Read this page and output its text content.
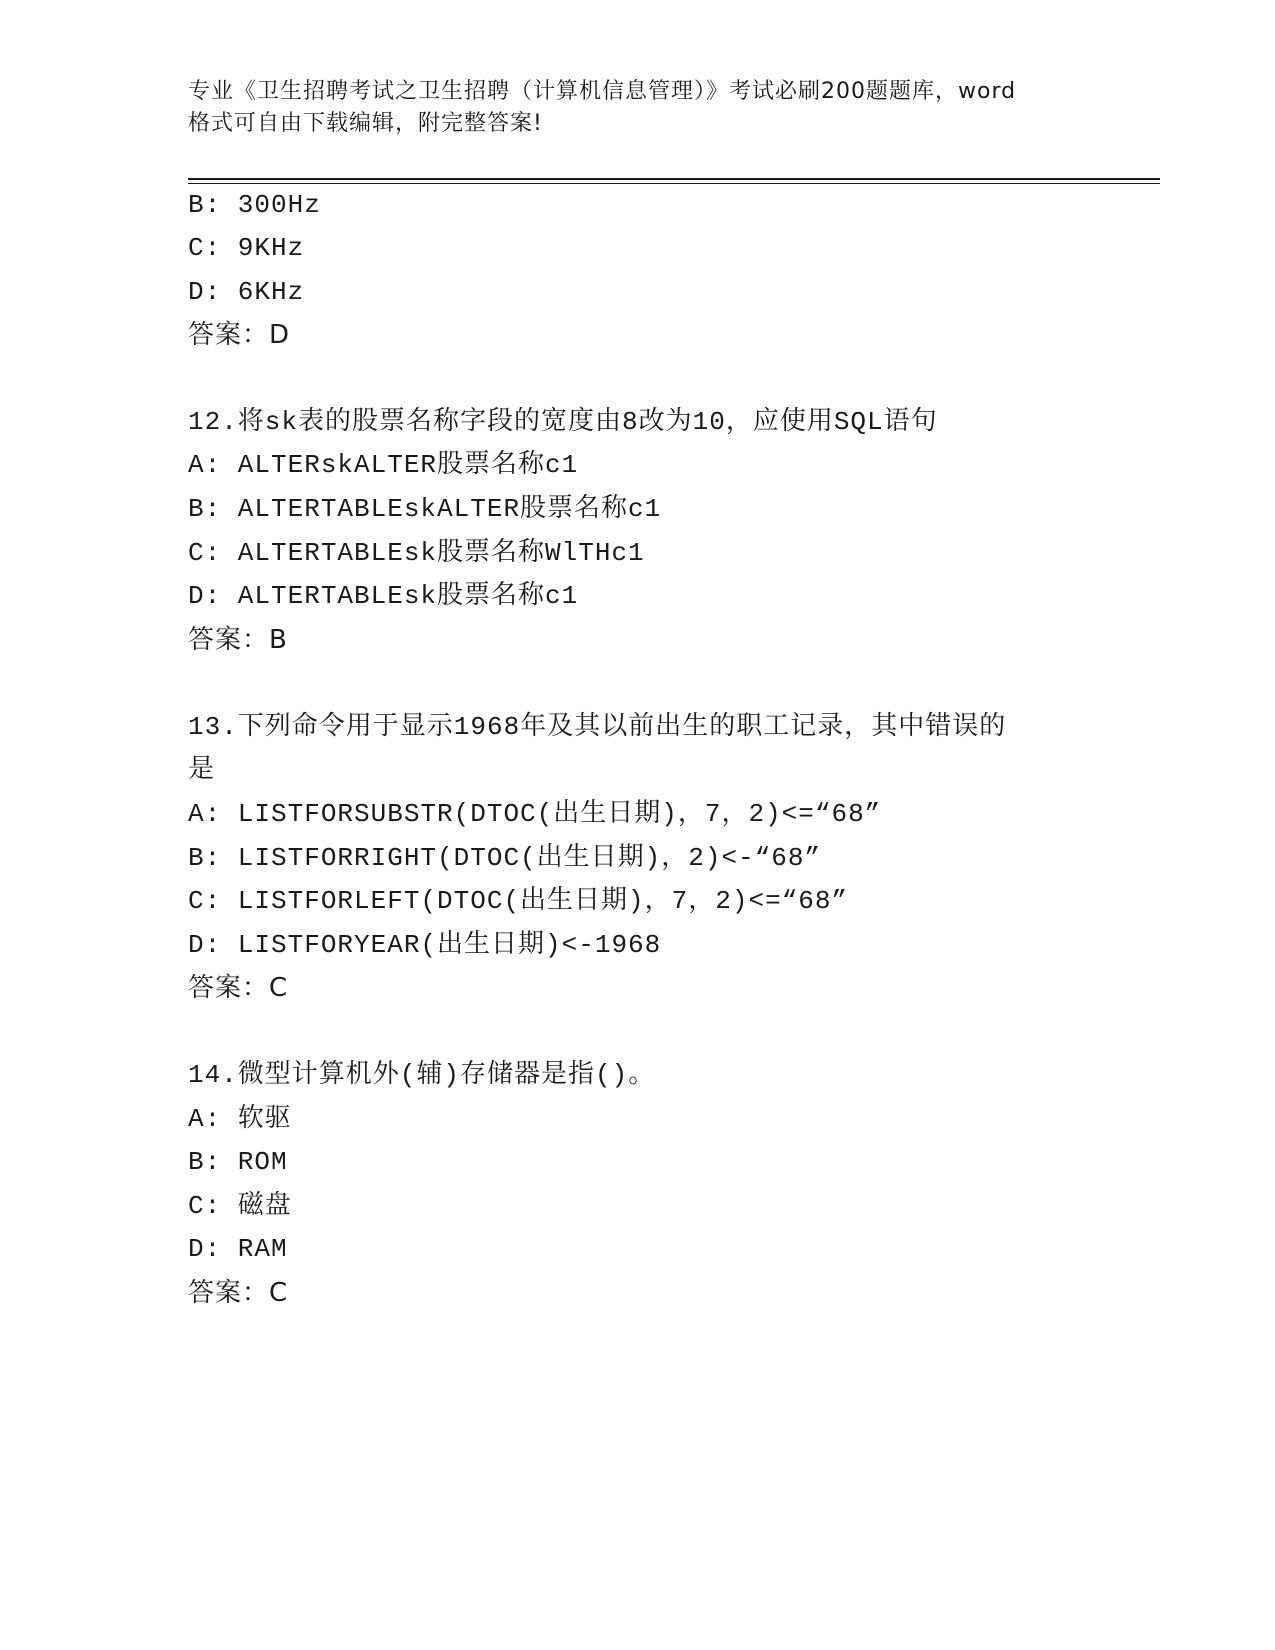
专业《卫生招聘考试之卫生招聘（计算机信息管理）》考试必刷200题题库，word
格式可自由下载编辑，附完整答案!
B: 300Hz
C: 9KHz
D: 6KHz
答案：D
12.将sk表的股票名称字段的宽度由8改为10，应使用SQL语句
A: ALTERskALTER股票名称c1
B: ALTERTABLEskALTER股票名称c1
C: ALTERTABLEsk股票名称WlTHc1
D: ALTERTABLEsk股票名称c1
答案：B
13.下列命令用于显示1968年及其以前出生的职工记录，其中错误的
是
A: LISTFORSUBSTR(DTOC(出生日期)，7，2)<=“68”
B: LISTFORRIGHT(DTOC(出生日期)，2)<-“68”
C: LISTFORLEFT(DTOC(出生日期)，7，2)<=“68”
D: LISTFORYEAR(出生日期)<-1968
答案：C
14.微型计算机外(辅)存储器是指()。
A: 软驱
B: ROM
C: 磁盘
D: RAM
答案：C
